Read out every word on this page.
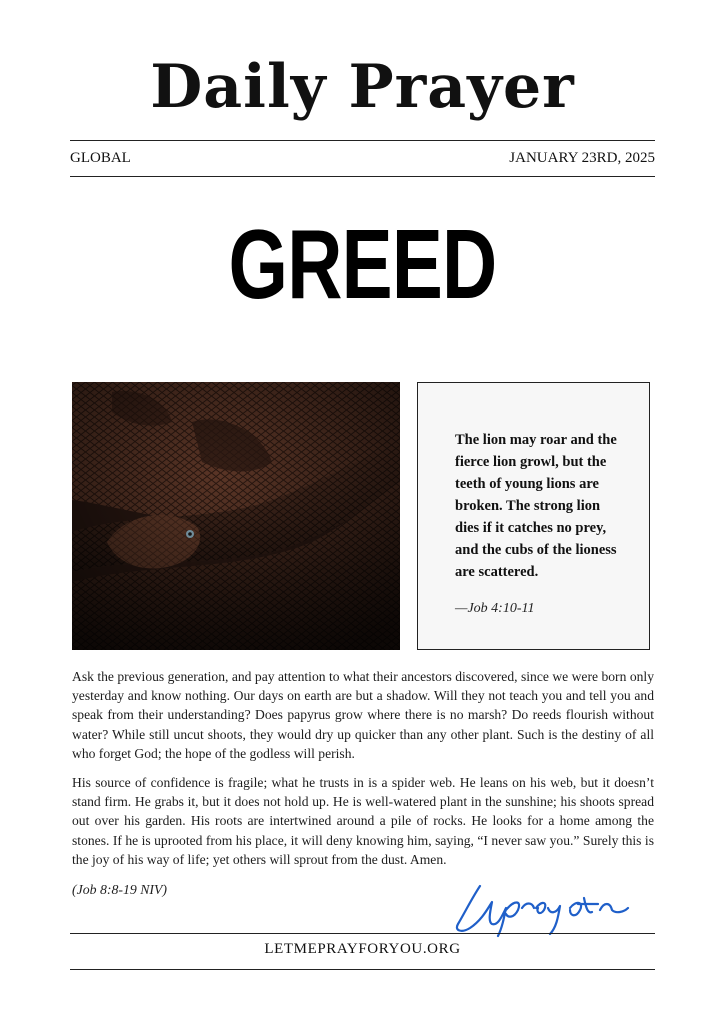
Daily Prayer
GLOBAL	JANUARY 23RD, 2025
GREED
The lion may roar and the fierce lion growl, but the teeth of young lions are broken. The strong lion dies if it catches no prey, and the cubs of the lioness are scattered.
—Job 4:10-11

Ask the previous generation, and pay attention to what their ancestors discovered, since we were born only yesterday and know nothing. Our days on earth are but a shadow. Will they not teach you and tell you and speak from their understanding? Does papyrus grow where there is no marsh? Do reeds flourish without water? While still uncut shoots, they would dry up quicker than any other plant. Such is the destiny of all who forget God; the hope of the godless will perish.

His source of confidence is fragile; what he trusts in is a spider web. He leans on his web, but it doesn’t stand firm. He grabs it, but it does not hold up. He is well-watered plant in the sunshine; his shoots spread out over his garden. His roots are intertwined around a pile of rocks. He looks for a home among the stones. If he is uprooted from his place, it will deny knowing him, saying, “I never saw you.” Surely this is the joy of his way of life; yet others will sprout from the dust. Amen.

(Job 8:8-19 NIV)
LETMEPRAYFORYOU.ORG
